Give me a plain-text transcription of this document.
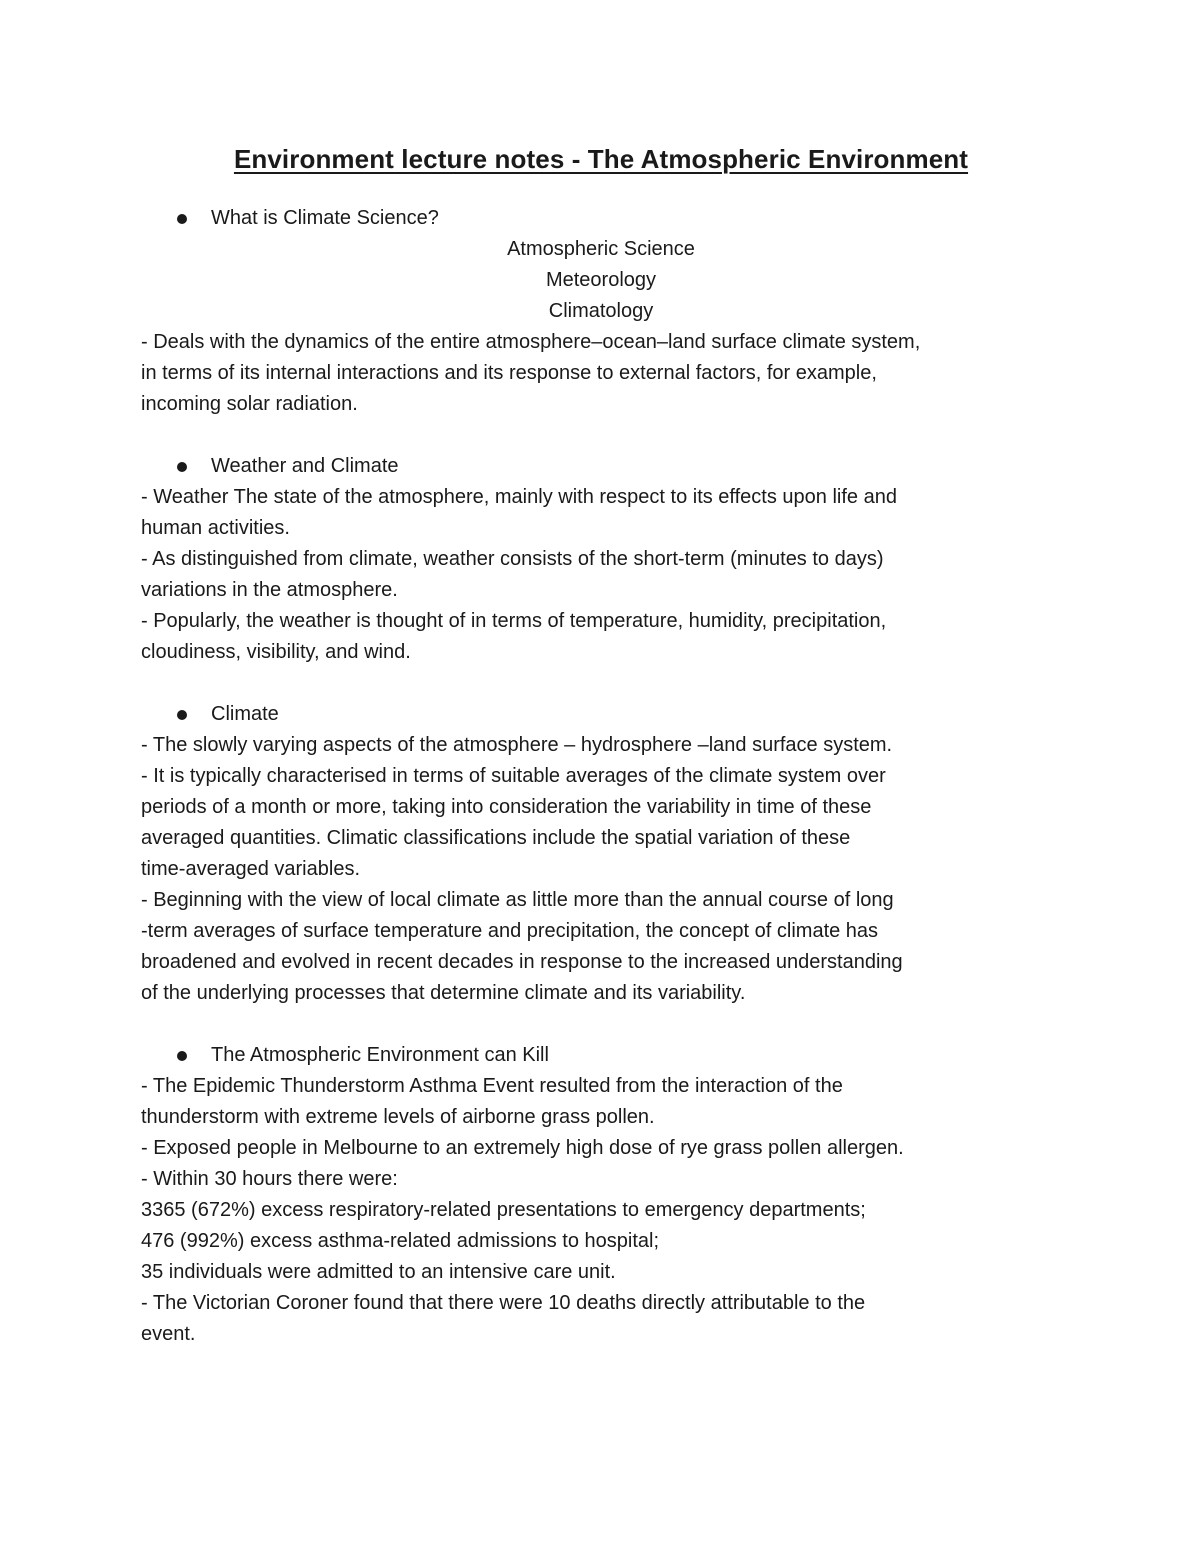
Environment lecture notes - The Atmospheric Environment
What is Climate Science?
Atmospheric Science
Meteorology
Climatology

- Deals with the dynamics of the entire atmosphere–ocean–land surface climate system,
in terms of its internal interactions and its response to external factors, for example,
incoming solar radiation.

Weather and Climate

- Weather The state of the atmosphere, mainly with respect to its effects upon life and
human activities.

- As distinguished from climate, weather consists of the short-term (minutes to days)
variations in the atmosphere.

- Popularly, the weather is thought of in terms of temperature, humidity, precipitation,
cloudiness, visibility, and wind.

Climate

- The slowly varying aspects of the atmosphere – hydrosphere –land surface system.

- It is typically characterised in terms of suitable averages of the climate system over
periods of a month or more, taking into consideration the variability in time of these
averaged quantities. Climatic classifications include the spatial variation of these
time-averaged variables.

- Beginning with the view of local climate as little more than the annual course of long
-term averages of surface temperature and precipitation, the concept of climate has
broadened and evolved in recent decades in response to the increased understanding
of the underlying processes that determine climate and its variability.

The Atmospheric Environment can Kill

- The Epidemic Thunderstorm Asthma Event resulted from the interaction of the
thunderstorm with extreme levels of airborne grass pollen.

- Exposed people in Melbourne to an extremely high dose of rye grass pollen allergen.

- Within 30 hours there were:

3365 (672%) excess respiratory-related presentations to emergency departments;

476 (992%) excess asthma-related admissions to hospital;

35 individuals were admitted to an intensive care unit.

- The Victorian Coroner found that there were 10 deaths directly attributable to the
event.
